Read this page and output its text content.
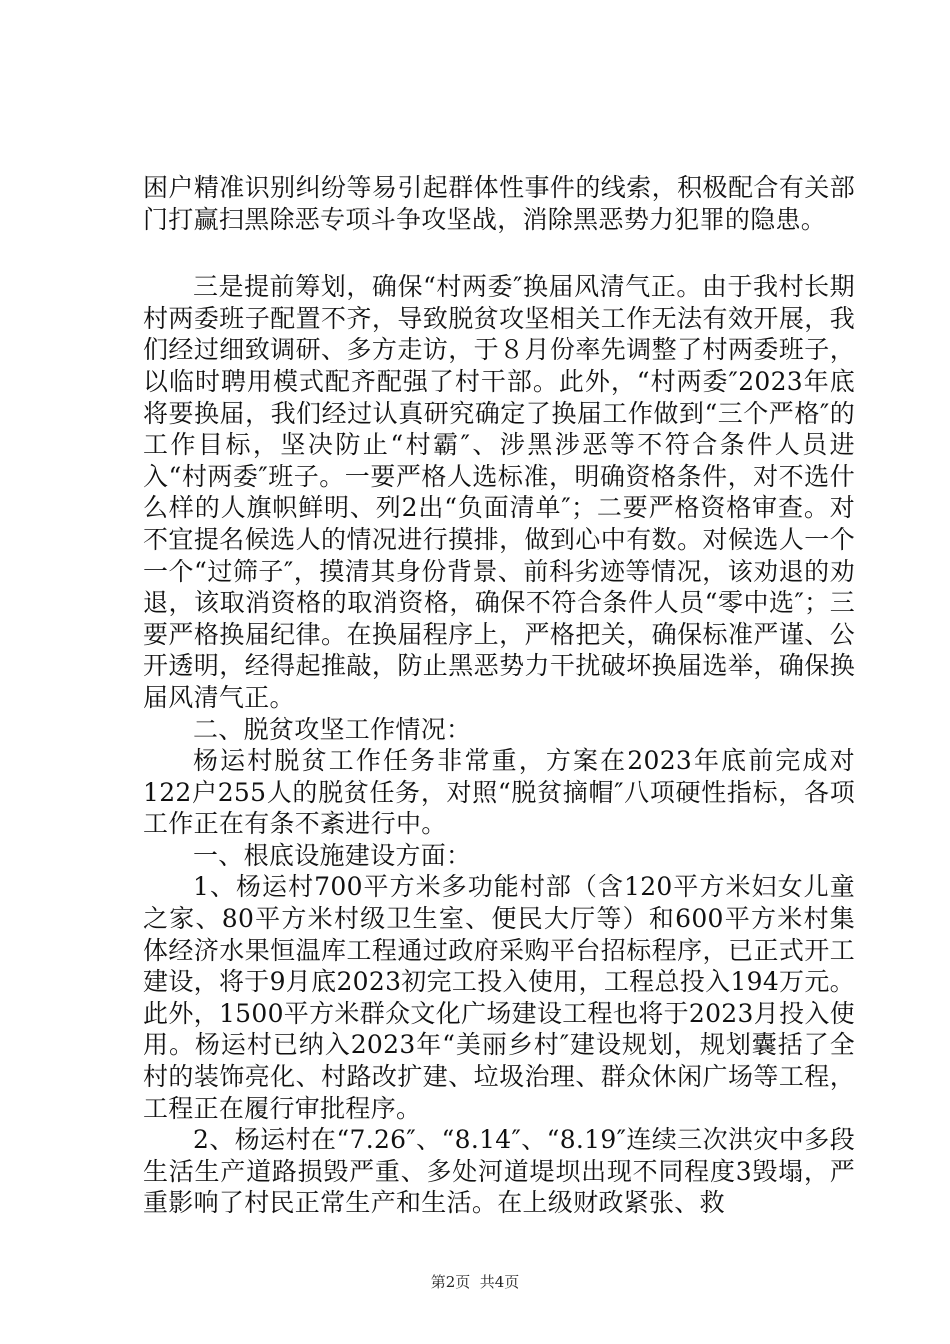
困户精准识别纠纷等易引起群体性事件的线索，积极配合有关部门打赢扫黑除恶专项斗争攻坚战，消除黑恶势力犯罪的隐患。

三是提前筹划，确保“村两委″换届风清气正。由于我村长期村两委班子配置不齐，导致脱贫攻坚相关工作无法有效开展，我们经过细致调研、多方走访，于８月份率先调整了村两委班子，以临时聘用模式配齐配强了村干部。此外，“村两委″2023年底将要换届，我们经过认真研究确定了换届工作做到“三个严格″的工作目标，坚决防止“村霸″、涉黑涉恶等不符合条件人员进入“村两委″班子。一要严格人选标准，明确资格条件，对不选什么样的人旗帜鲜明、列2出“负面清单″；二要严格资格审查。对不宜提名候选人的情况进行摸排，做到心中有数。对候选人一个一个“过筛子″，摸清其身份背景、前科劣迹等情况，该劝退的劝退，该取消资格的取消资格，确保不符合条件人员“零中选″；三要严格换届纪律。在换届程序上，严格把关，确保标准严谨、公开透明，经得起推敲，防止黑恶势力干扰破坏换届选举，确保换届风清气正。

二、脱贫攻坚工作情况：

杨运村脱贫工作任务非常重，方案在2023年底前完成对122户255人的脱贫任务，对照“脱贫摘帽″八项硬性指标，各项工作正在有条不紊进行中。

一、根底设施建设方面：

1、杨运村700平方米多功能村部（含120平方米妇女儿童之家、80平方米村级卫生室、便民大厅等）和600平方米村集体经济水果恒温库工程通过政府采购平台招标程序，已正式开工建设，将于9月底2023初完工投入使用，工程总投入194万元。此外，1500平方米群众文化广场建设工程也将于2023月投入使用。杨运村已纳入2023年“美丽乡村″建设规划，规划囊括了全村的装饰亮化、村路改扩建、垃圾治理、群众休闲广场等工程，工程正在履行审批程序。

2、杨运村在“7.26″、“8.14″、“8.19″连续三次洪灾中多段生活生产道路损毁严重、多处河道堤坝出现不同程度3毁塌，严重影响了村民正常生产和生活。在上级财政紧张、救

第2页  共4页
